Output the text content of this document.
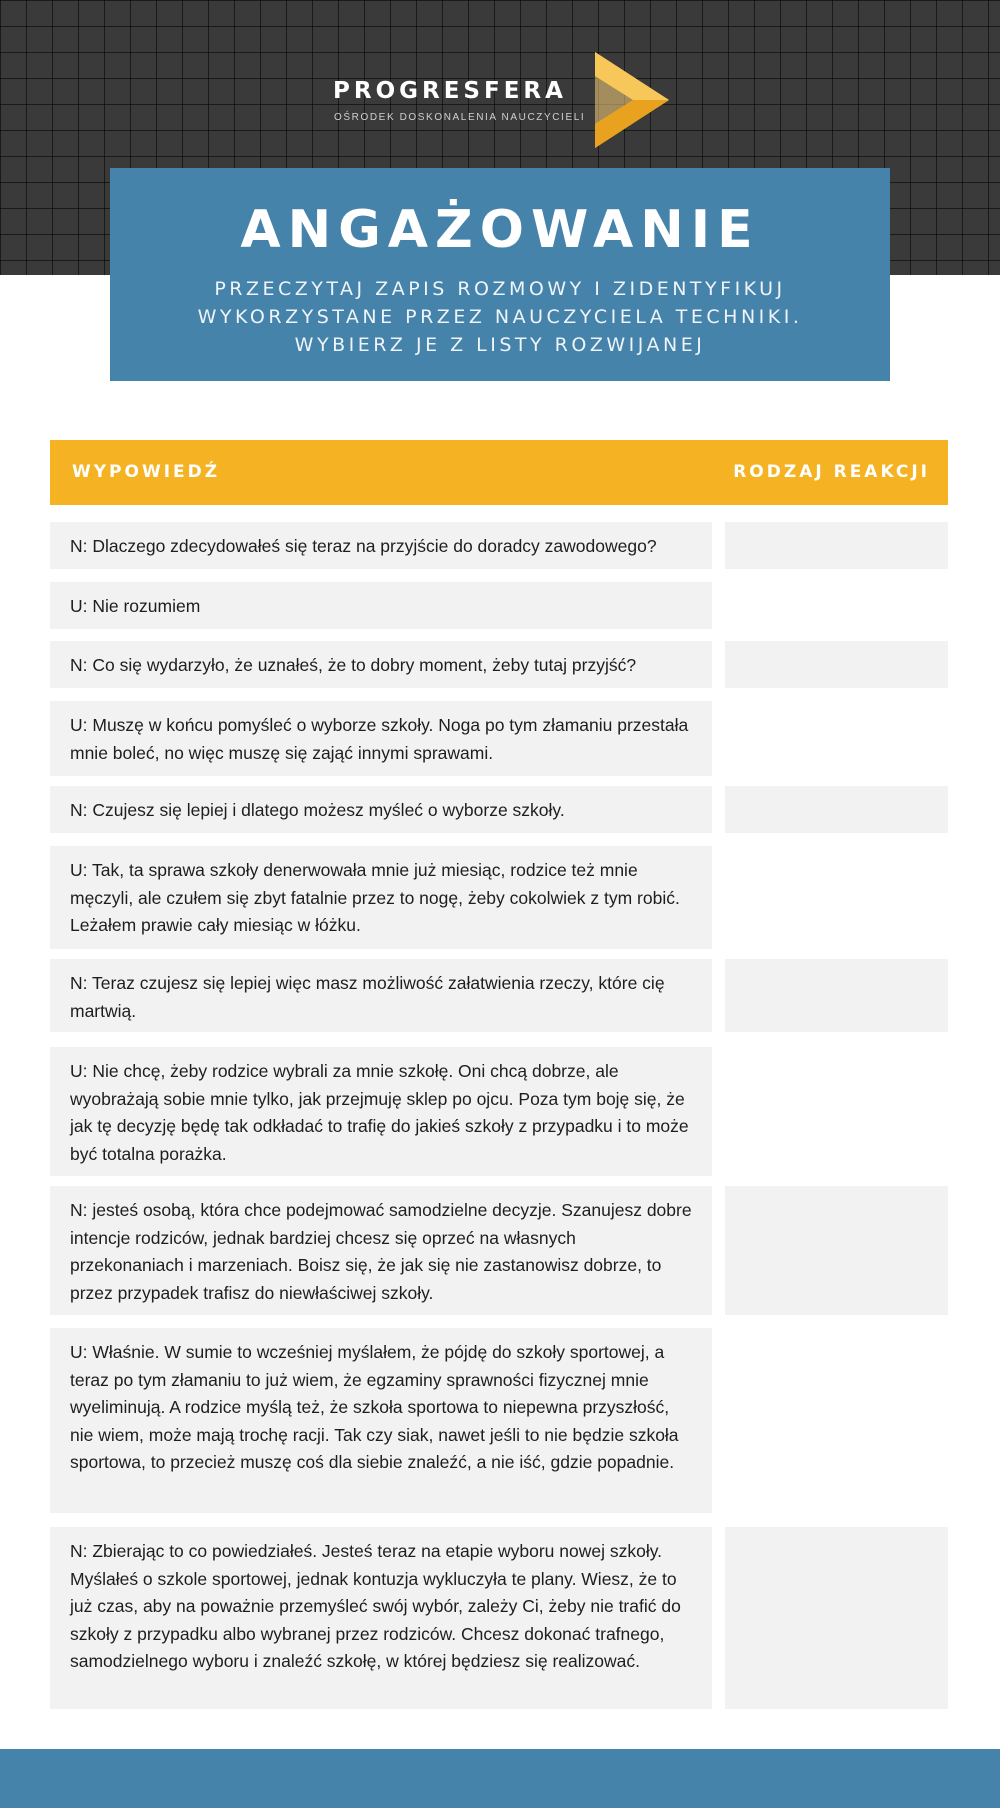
PROGRESFERA
OŚRODEK DOSKONALENIA NAUCZYCIELI
ANGAŻOWANIE
PRZECZYTAJ ZAPIS ROZMOWY I ZIDENTYFIKUJ WYKORZYSTANE PRZEZ NAUCZYCIELA TECHNIKI. WYBIERZ JE Z LISTY ROZWIJANEJ
WYPOWIEDŹ	RODZAJ REAKCJI
N: Dlaczego zdecydowałeś się teraz na przyjście do doradcy zawodowego?
U: Nie rozumiem
N: Co się wydarzyło, że uznałeś, że to dobry moment, żeby tutaj przyjść?
U: Muszę w końcu pomyśleć o wyborze szkoły. Noga po tym złamaniu przestała mnie boleć, no więc muszę się zająć innymi sprawami.
N: Czujesz się lepiej i dlatego możesz myśleć o wyborze szkoły.
U: Tak, ta sprawa szkoły denerwowała mnie już miesiąc, rodzice też mnie męczyli, ale czułem się zbyt fatalnie przez to nogę, żeby cokolwiek z tym robić. Leżałem prawie cały miesiąc w łóżku.
N: Teraz czujesz się lepiej więc masz możliwość załatwienia rzeczy, które cię martwią.
U: Nie chcę, żeby rodzice wybrali za mnie szkołę. Oni chcą dobrze, ale wyobrażają sobie mnie tylko, jak przejmuję sklep po ojcu. Poza tym boję się, że jak tę decyzję będę tak odkładać to trafię do jakieś szkoły z przypadku i to może być totalna porażka.
N: jesteś osobą, która chce podejmować samodzielne decyzje. Szanujesz dobre intencje rodziców, jednak bardziej chcesz się oprzeć na własnych przekonaniach i marzeniach. Boisz się, że jak się nie zastanowisz dobrze, to przez przypadek trafisz do niewłaściwej szkoły.
U: Właśnie. W sumie to wcześniej myślałem, że pójdę do szkoły sportowej, a teraz po tym złamaniu to już wiem, że egzaminy sprawności fizycznej mnie wyeliminują. A rodzice myślą też, że szkoła sportowa to niepewna przyszłość, nie wiem, może mają trochę racji. Tak czy siak, nawet jeśli to nie będzie szkoła sportowa, to przecież muszę coś dla siebie znaleźć, a nie iść, gdzie popadnie.
N: Zbierając to co powiedziałeś. Jesteś teraz na etapie wyboru nowej szkoły. Myślałeś o szkole sportowej, jednak kontuzja wykluczyła te plany. Wiesz, że to już czas, aby na poważnie przemyśleć swój wybór, zależy Ci, żeby nie trafić do szkoły z przypadku albo wybranej przez rodziców. Chcesz dokonać trafnego, samodzielnego wyboru i znaleźć szkołę, w której będziesz się realizować.
